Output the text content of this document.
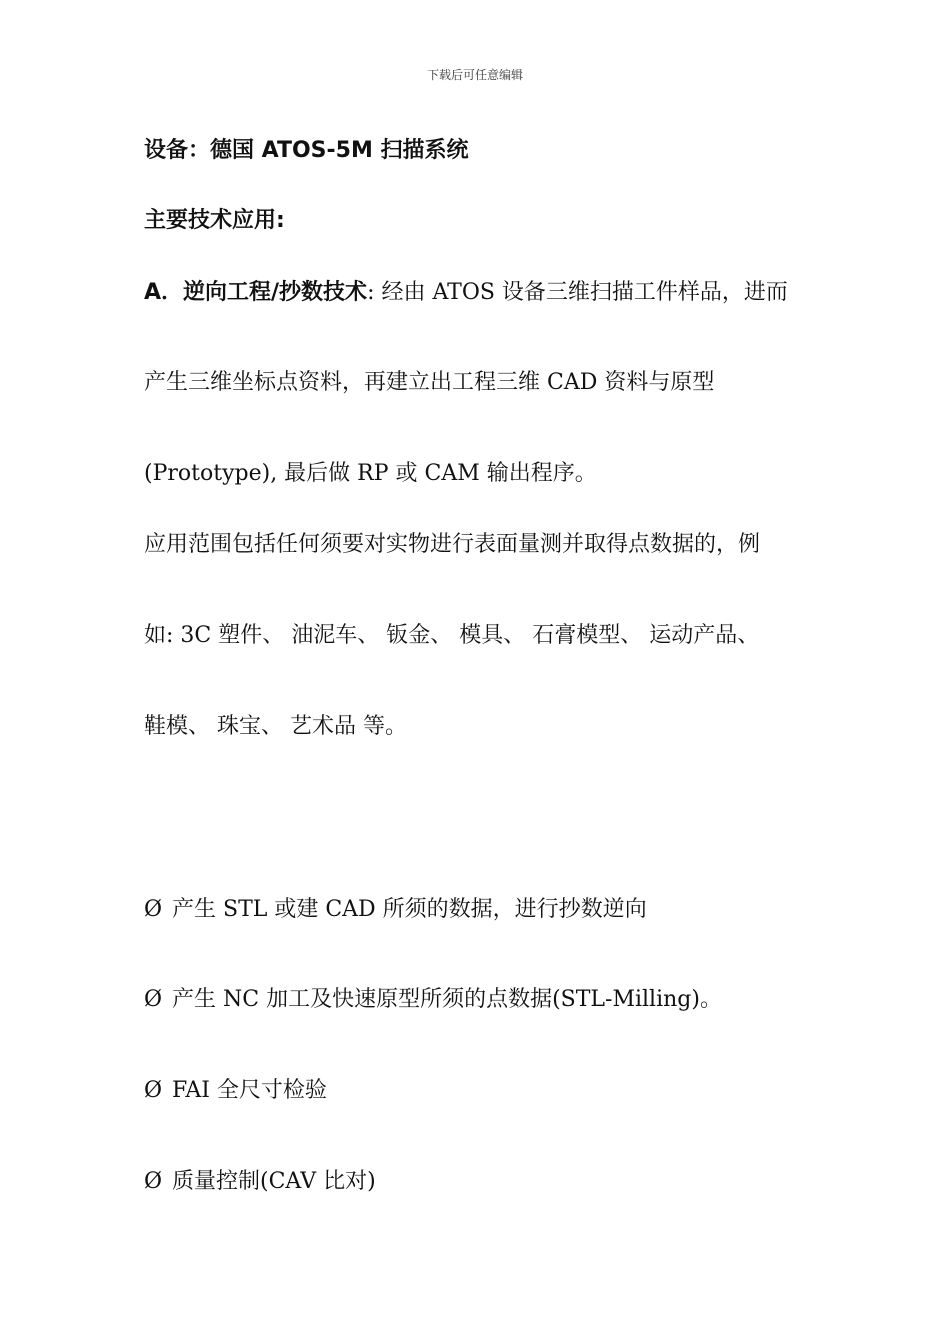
下载后可任意编辑
设备：德国 ATOS-5M 扫描系统
主要技术应用:
A．逆向工程/抄数技术: 经由 ATOS 设备三维扫描工件样品，进而
产生三维坐标点资料，再建立出工程三维 CAD 资料与原型
(Prototype), 最后做 RP 或 CAM 输出程序。
应用范围包括任何须要对实物进行表面量测并取得点数据的，例
如: 3C 塑件、 油泥车、 钣金、 模具、 石膏模型、 运动产品、
鞋模、 珠宝、 艺术品 等。
Ø 产生 STL 或建 CAD 所须的数据，进行抄数逆向
Ø 产生 NC 加工及快速原型所须的点数据(STL-Milling)。
Ø FAI 全尺寸检验
Ø 质量控制(CAV 比对)
